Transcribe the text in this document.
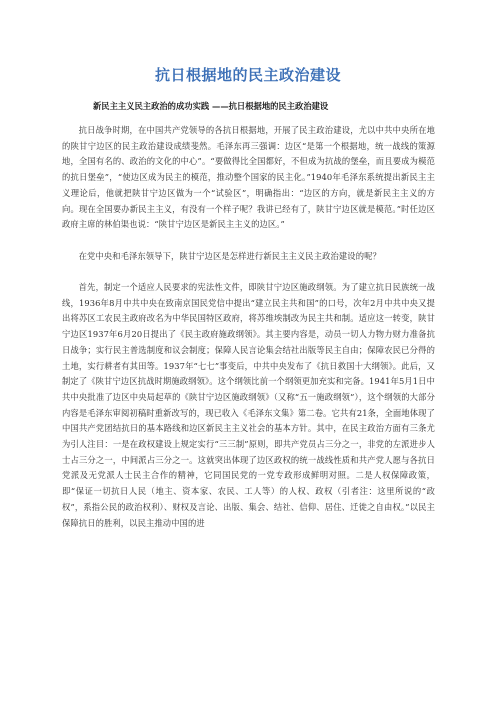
抗日根据地的民主政治建设
新民主主义民主政治的成功实践 ——抗日根据地的民主政治建设

抗日战争时期，在中国共产党领导的各抗日根据地，开展了民主政治建设，尤以中共中央所在地的陕甘宁边区的民主政治建设成绩斐然。毛泽东再三强调：边区“是第一个根据地，统一战线的策源地，全国有名的、政治的文化的中心”。“要做得比全国都好，不但成为抗战的堡垒，而且要成为模范的抗日堡垒”，“使边区成为民主的模范，推动整个国家的民主化。”1940年毛泽东系统提出新民主主义理论后，他就把陕甘宁边区做为一个“试验区”，明确指出：“边区的方向，就是新民主主义的方向。现在全国要办新民主主义，有没有一个样子呢？我讲已经有了，陕甘宁边区就是模范。”时任边区政府主席的林伯渠也说：“陕甘宁边区是新民主主义的边区。”

在党中央和毛泽东领导下，陕甘宁边区是怎样进行新民主主义民主政治建设的呢？

首先，制定一个适应人民要求的宪法性文件，即陕甘宁边区施政纲领。为了建立抗日民族统一战线，1936年8月中共中央在致南京国民党信中提出“建立民主共和国”的口号，次年2月中共中央又提出将苏区工农民主政府改名为中华民国特区政府，将苏维埃制改为民主共和制。适应这一转变，陕甘宁边区1937年6月20日提出了《民主政府施政纲领》。其主要内容是，动员一切人力物力财力准备抗日战争；实行民主普选制度和议会制度；保障人民言论集会结社出版等民主自由；保障农民已分得的土地，实行耕者有其田等。1937年“七七”事变后，中共中央发布了《抗日救国十大纲领》。此后，又制定了《陕甘宁边区抗战时期施政纲领》。这个纲领比前一个纲领更加充实和完备。1941年5月1日中共中央批准了边区中央局起草的《陕甘宁边区施政纲领》（又称“五一施政纲领”），这个纲领的大部分内容是毛泽东审阅初稿时重新改写的，现已收入《毛泽东文集》第二卷。它共有21条，全面地体现了中国共产党团结抗日的基本路线和边区新民主主义社会的基本方针。其中，在民主政治方面有三条尤为引人注目：一是在政权建设上规定实行“三三制”原则，即共产党员占三分之一，非党的左派进步人士占三分之一，中间派占三分之一。这就突出体现了边区政权的统一战线性质和共产党人愿与各抗日党派及无党派人士民主合作的精神，它同国民党的一党专政形成鲜明对照。二是人权保障政策，即“保证一切抗日人民（地主、资本家、农民、工人等）的人权、政权（引者注：这里所说的“政权”，系指公民的政治权利）、财权及言论、出版、集会、结社、信仰、居住、迁徙之自由权。”以民主保障抗日的胜利，以民主推动中国的进
